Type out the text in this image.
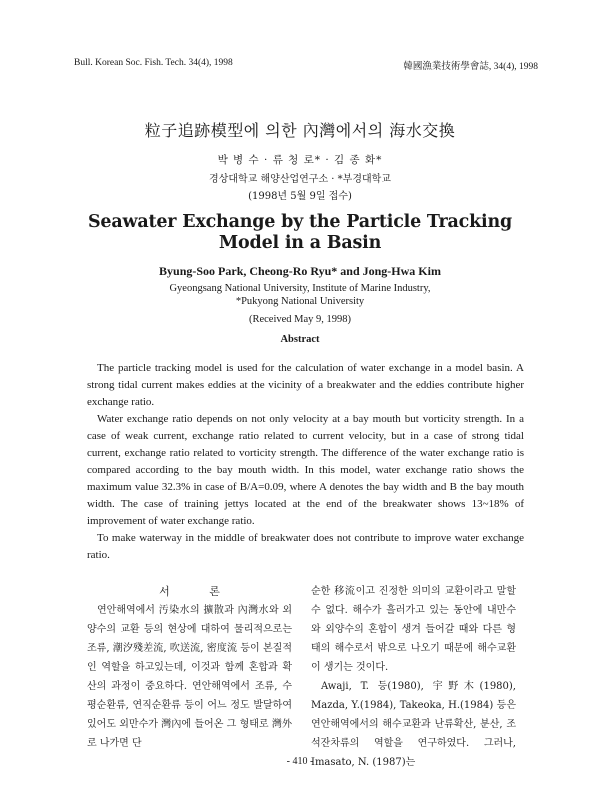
Bull. Korean Soc. Fish. Tech. 34(4), 1998	韓國漁業技術學會誌, 34(4), 1998
粒子追跡模型에 의한 內灣에서의 海水交換
박 병 수 · 류 청 로* · 김 종 화*
경상대학교 해양산업연구소 · *부경대학교
(1998년 5월 9일 접수)
Seawater Exchange by the Particle Tracking
Model in a Basin
Byung-Soo Park, Cheong-Ro Ryu* and Jong-Hwa Kim
Gyeongsang National University, Institute of Marine Industry,
*Pukyong National University
(Received May 9, 1998)
Abstract

The particle tracking model is used for the calculation of water exchange in a model basin. A strong tidal current makes eddies at the vicinity of a breakwater and the eddies contribute higher exchange ratio.

Water exchange ratio depends on not only velocity at a bay mouth but vorticity strength. In a case of weak current, exchange ratio related to current velocity, but in a case of strong tidal current, exchange ratio related to vorticity strength. The difference of the water exchange ratio is compared according to the bay mouth width. In this model, water exchange ratio shows the maximum value 32.3% in case of B/A=0.09, where A denotes the bay width and B the bay mouth width. The case of training jettys located at the end of the breakwater shows 13~18% of improvement of water exchange ratio.

To make waterway in the middle of breakwater does not contribute to improve water exchange ratio.

서 론

연안해역에서 汚染水의 擴散과 內灣水와 외양수의 교환 등의 현상에 대하여 물리적으로는 조류, 潮汐殘差流, 吹送流, 密度流 등이 본질적인 역할을 하고있는데, 이것과 함께 혼합과 확산의 과정이 중요하다. 연안해역에서 조류, 수평순환류, 연직순환류 등이 어느 정도 발달하여 있어도 외만수가 灣內에 들어온 그 형태로 灣外로 나가면 단

순한 移流이고 진정한 의미의 교환이라고 말할 수 없다. 해수가 흘러가고 있는 동안에 내만수와 외양수의 혼합이 생겨 들어갈 때와 다른 형태의 해수로서 밖으로 나오기 때문에 해수교환이 생기는 것이다.

Awaji, T. 등(1980), 宇野木(1980), Mazda, Y.(1984), Takeoka, H.(1984) 등은 연안해역에서의 해수교환과 난류확산, 분산, 조석잔차류의 역할을 연구하였다. 그러나, Imasato, N. (1987)는

- 410 -
